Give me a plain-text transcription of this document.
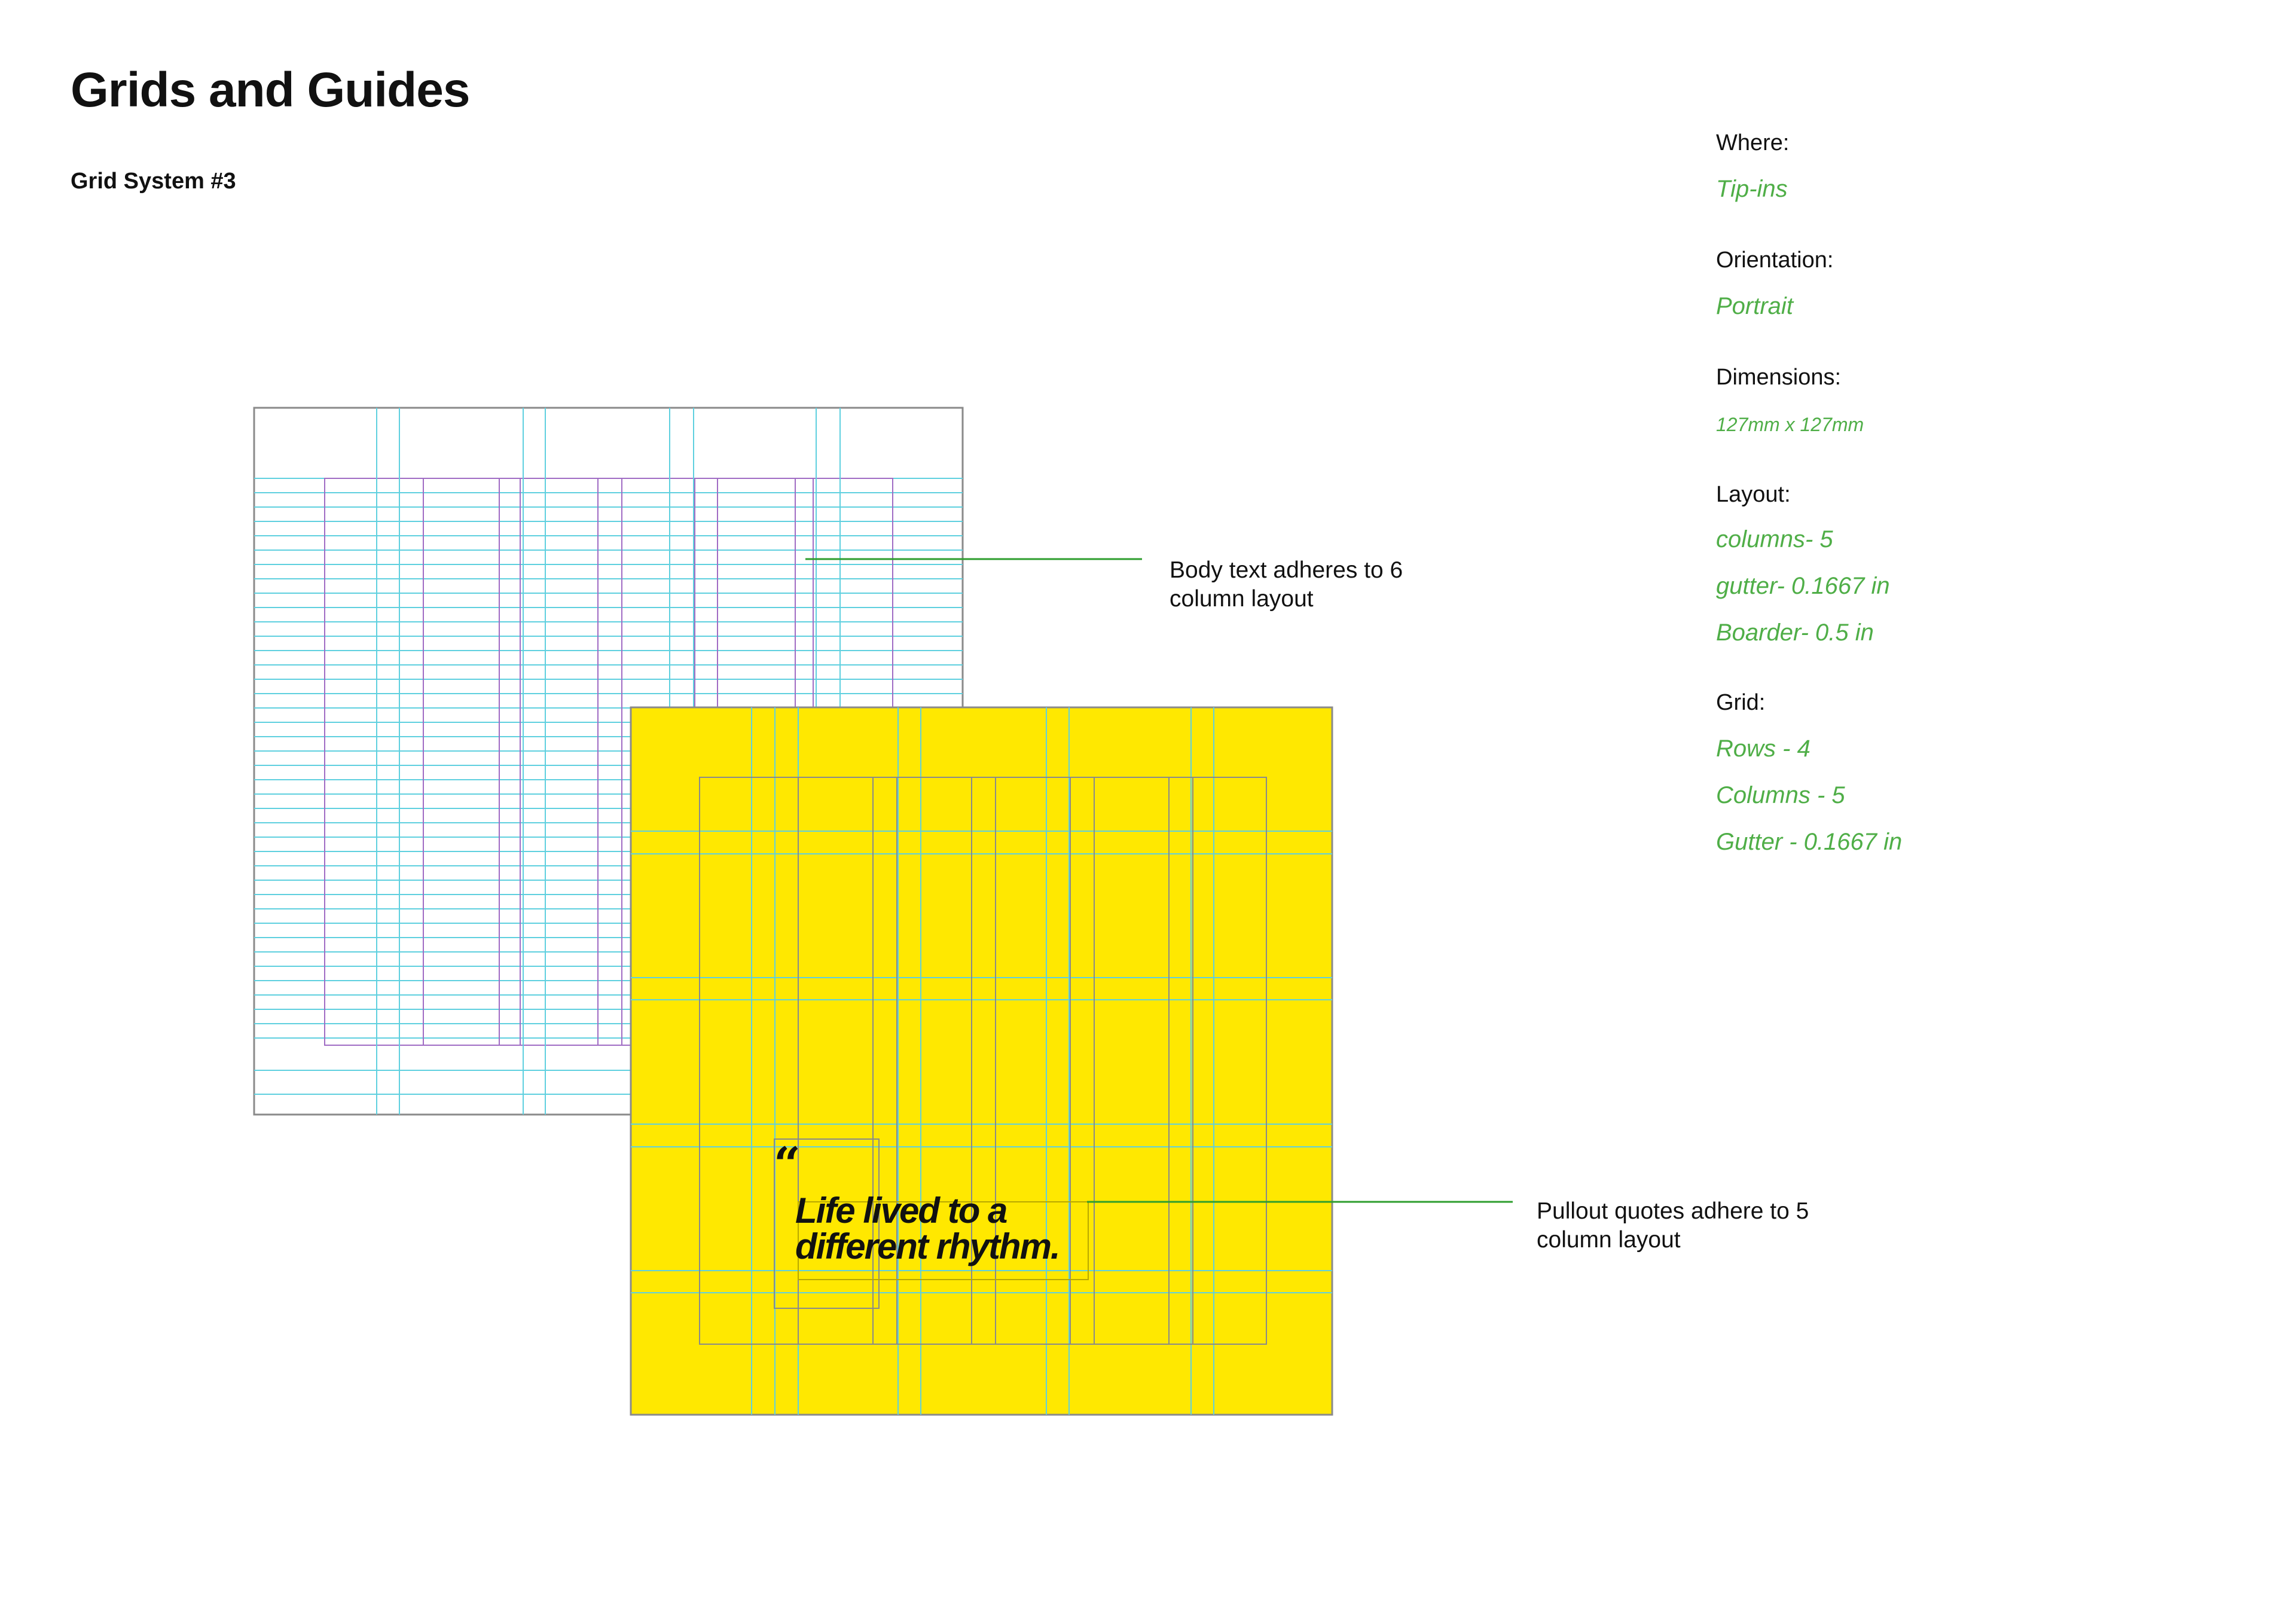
Grids and Guides
Grid System #3
“
Life lived to a
different rhythm.
Body text adheres to 6
column layout
Pullout quotes adhere to 5
column layout
Where:
Tip-ins
Orientation:
Portrait
Dimensions:
127mm x 127mm
Layout:
columns- 5
gutter- 0.1667 in
Boarder- 0.5 in
Grid:
Rows - 4
Columns - 5
Gutter - 0.1667 in
